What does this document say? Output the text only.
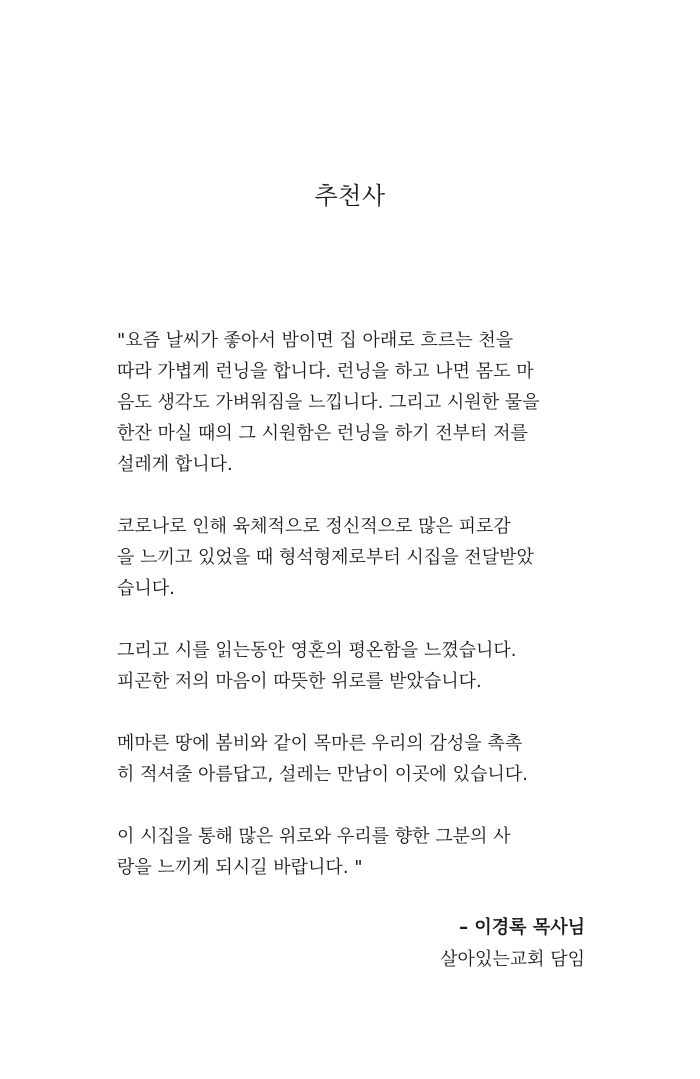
추천사
"요즘 날씨가 좋아서 밤이면 집 아래로 흐르는 천을
따라 가볍게 런닝을 합니다. 런닝을 하고 나면 몸도 마
음도 생각도 가벼워짐을 느낍니다. 그리고 시원한 물을
한잔 마실 때의 그 시원함은 런닝을 하기 전부터 저를
설레게 합니다.
코로나로 인해 육체적으로 정신적으로 많은 피로감
을 느끼고 있었을 때 형석형제로부터 시집을 전달받았
습니다.
그리고 시를 읽는동안 영혼의 평온함을 느꼈습니다.
피곤한 저의 마음이 따뜻한 위로를 받았습니다.
메마른 땅에 봄비와 같이 목마른 우리의 감성을 촉촉
히 적셔줄 아름답고, 설레는 만남이 이곳에 있습니다.
이 시집을 통해 많은 위로와 우리를 향한 그분의 사
랑을 느끼게 되시길 바랍니다. "
– 이경록 목사님
살아있는교회 담임
